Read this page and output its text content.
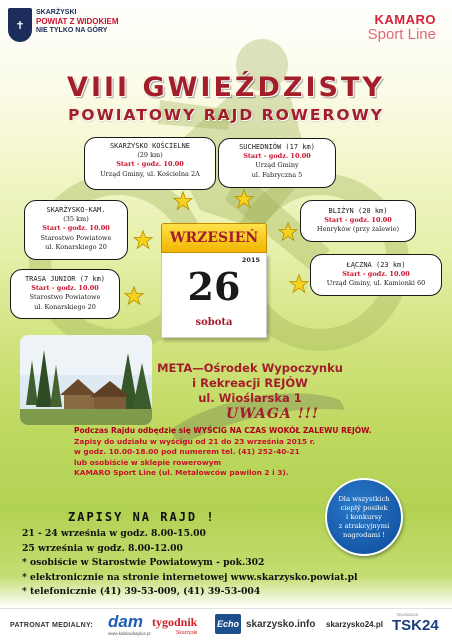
✝
SKARŻYSKI
POWIAT Z WIDOKIEM
NIE TYLKO NA GÓRY
KAMARO
Sport Line
VIII GWIEŹDZISTY
POWIATOWY RAJD ROWEROWY
SKARŻYSKO KOŚCIELNE
(29 km)
Start - godz. 10.00
Urząd Gminy, ul. Kościelna 2A
SUCHEDNIÓW (17 km)
Start - godz. 10.00
Urząd Gminy
ul. Fabryczna 5
SKARŻYSKO-KAM.
(35 km)
Start - godz. 10.00
Starostwo Powiatowe
ul. Konarskiego 20
BLIŻYN (20 km)
Start - godz. 10.00
Henryków (przy zalewie)
TRASA JUNIOR (7 km)
Start - godz. 10.00
Starostwo Powiatowe
ul. Konarskiego 20
ŁĄCZNA (23 km)
Start - godz. 10.00
Urząd Gminy, ul. Kamionki 60
WRZESIEŃ
2015
26
sobota
META—Ośrodek Wypoczynku
i Rekreacji REJÓW
ul. Wioślarska 1
UWAGA !!!
Podczas Rajdu odbędzie się WYŚCIG NA CZAS WOKÓŁ ZALEWU REJÓW.
Zapisy do udziału w wyścigu od 21 do 23 września 2015 r.
w godz. 10.00-18.00 pod numerem tel. (41) 252-40-21
lub osobiście w sklepie rowerowym
KAMARO Sport Line (ul. Metalowców pawilon 2 i 3).
Dla wszystkich
cieplý posiłek
i konkursy
z atrakcyjnymi
nagrodami !
ZAPISY NA RAJD !
21 - 24 września w godz. 8.00-15.00
25 września w godz. 8.00-12.00
* osobiście w Starostwie Powiatowym - pok.302
* elektronicznie na stronie internetowej www.skarzysko.powiat.pl
* telefonicznie (41) 39-53-009, (41) 39-53-004
PATRONAT MEDIALNY: dam
www.kablowkaplus.pl
tygodnik
Skarżyski
Echo skarzysko.info skarzysko24.pl
TELEWIZJA
TSK24
